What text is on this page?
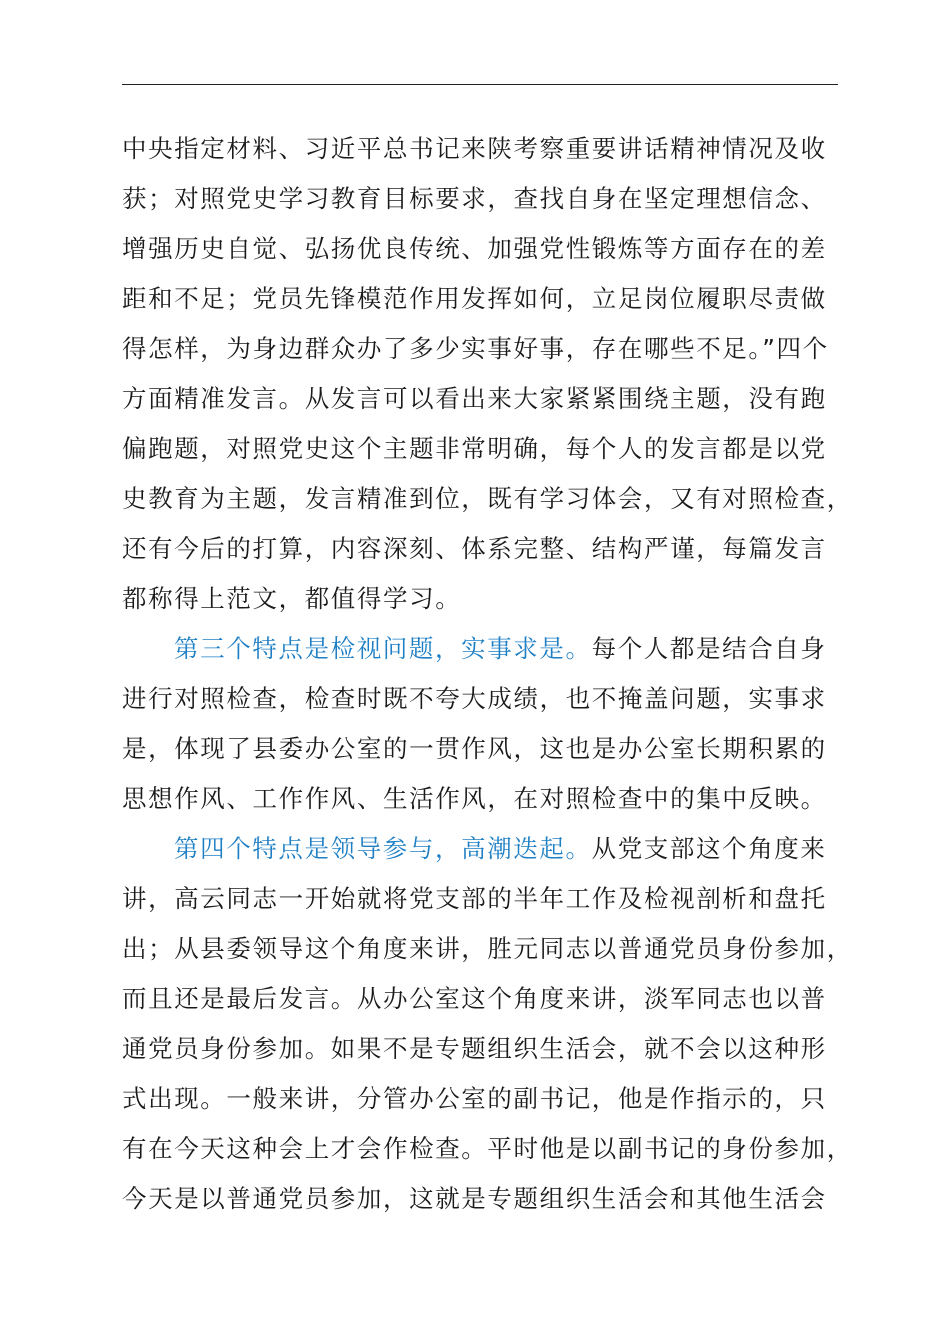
中央指定材料、习近平总书记来陕考察重要讲话精神情况及收

获；对照党史学习教育目标要求，查找自身在坚定理想信念、

增强历史自觉、弘扬优良传统、加强党性锻炼等方面存在的差

距和不足；党员先锋模范作用发挥如何，立足岗位履职尽责做

得怎样，为身边群众办了多少实事好事，存在哪些不足。”四个

方面精准发言。从发言可以看出来大家紧紧围绕主题，没有跑

偏跑题，对照党史这个主题非常明确，每个人的发言都是以党

史教育为主题，发言精准到位，既有学习体会，又有对照检查，

还有今后的打算，内容深刻、体系完整、结构严谨，每篇发言

都称得上范文，都值得学习。

第三个特点是检视问题，实事求是。每个人都是结合自身

进行对照检查，检查时既不夸大成绩，也不掩盖问题，实事求

是，体现了县委办公室的一贯作风，这也是办公室长期积累的

思想作风、工作作风、生活作风，在对照检查中的集中反映。

第四个特点是领导参与，高潮迭起。从党支部这个角度来

讲，高云同志一开始就将党支部的半年工作及检视剖析和盘托

出；从县委领导这个角度来讲，胜元同志以普通党员身份参加，

而且还是最后发言。从办公室这个角度来讲，淡军同志也以普

通党员身份参加。如果不是专题组织生活会，就不会以这种形

式出现。一般来讲，分管办公室的副书记，他是作指示的，只

有在今天这种会上才会作检查。平时他是以副书记的身份参加，

今天是以普通党员参加，这就是专题组织生活会和其他生活会
